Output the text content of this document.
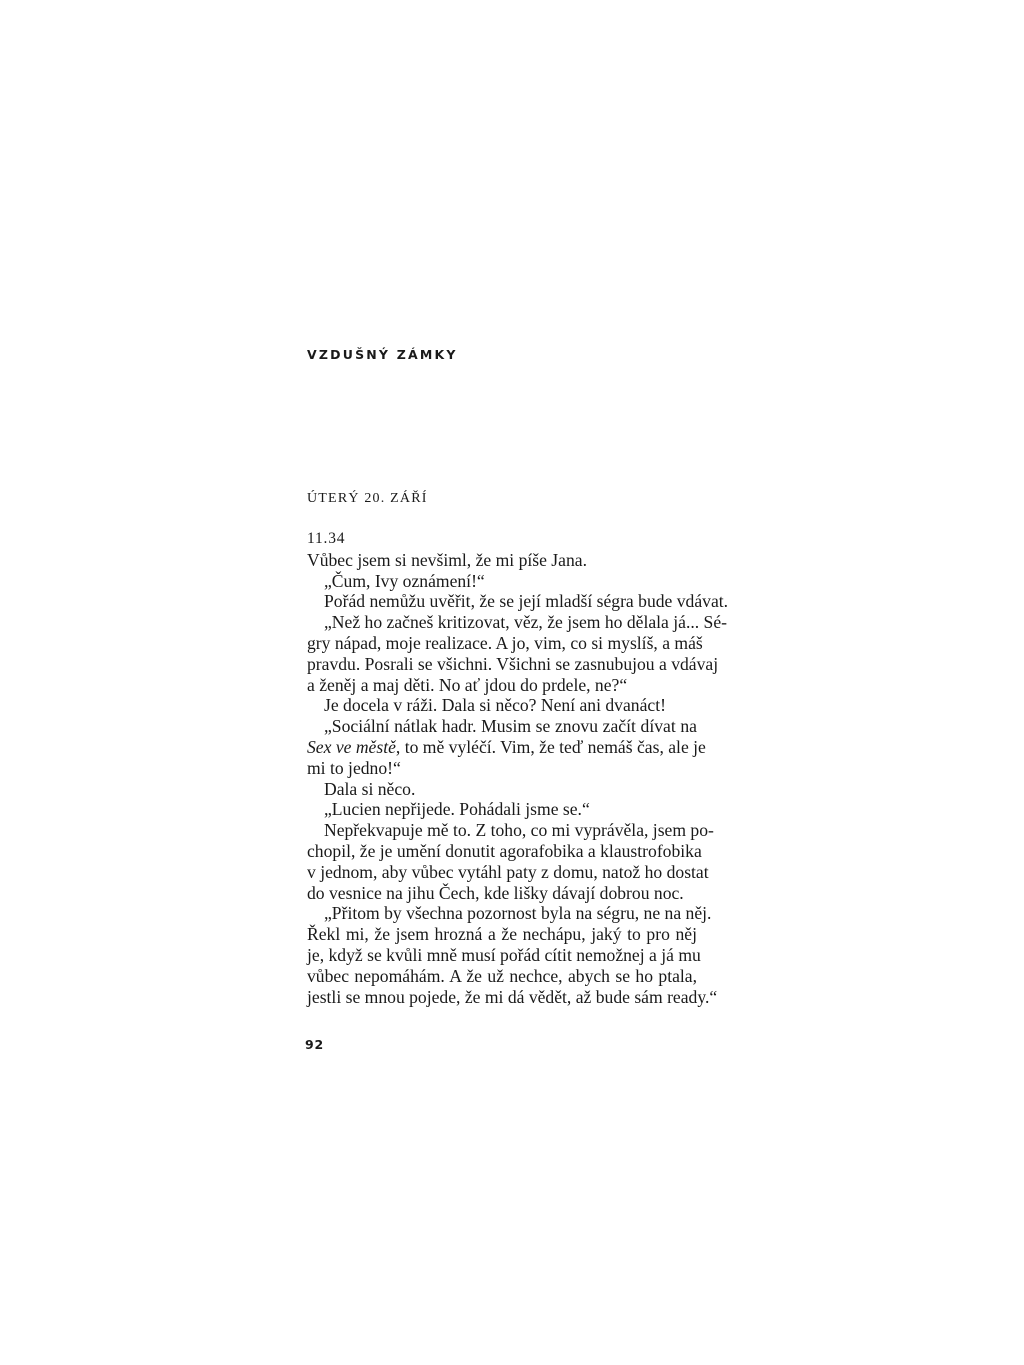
VZDUŠNÝ ZÁMKY
ÚTERÝ 20. ZÁŘÍ
11.34
Vůbec jsem si nevšiml, že mi píše Jana.
„Čum, Ivy oznámení!“
Pořád nemůžu uvěřit, že se její mladší ségra bude vdávat.
„Než ho začneš kritizovat, věz, že jsem ho dělala já... Sé-
gry nápad, moje realizace. A jo, vim, co si myslíš, a máš
pravdu. Posrali se všichni. Všichni se zasnubujou a vdávaj
a ženěj a maj děti. No ať jdou do prdele, ne?“
Je docela v ráži. Dala si něco? Není ani dvanáct!
„Sociální nátlak hadr. Musim se znovu začít dívat na
Sex ve městě, to mě vyléčí. Vim, že teď nemáš čas, ale je
mi to jedno!“
Dala si něco.
„Lucien nepřijede. Pohádali jsme se.“
Nepřekvapuje mě to. Z toho, co mi vyprávěla, jsem po-
chopil, že je umění donutit agorafobika a klaustrofobika
v jednom, aby vůbec vytáhl paty z domu, natož ho dostat
do vesnice na jihu Čech, kde lišky dávají dobrou noc.
„Přitom by všechna pozornost byla na ségru, ne na něj.
Řekl mi, že jsem hrozná a že nechápu, jaký to pro něj
je, když se kvůli mně musí pořád cítit nemožnej a já mu
vůbec nepomáhám. A že už nechce, abych se ho ptala,
jestli se mnou pojede, že mi dá vědět, až bude sám ready.“
92
